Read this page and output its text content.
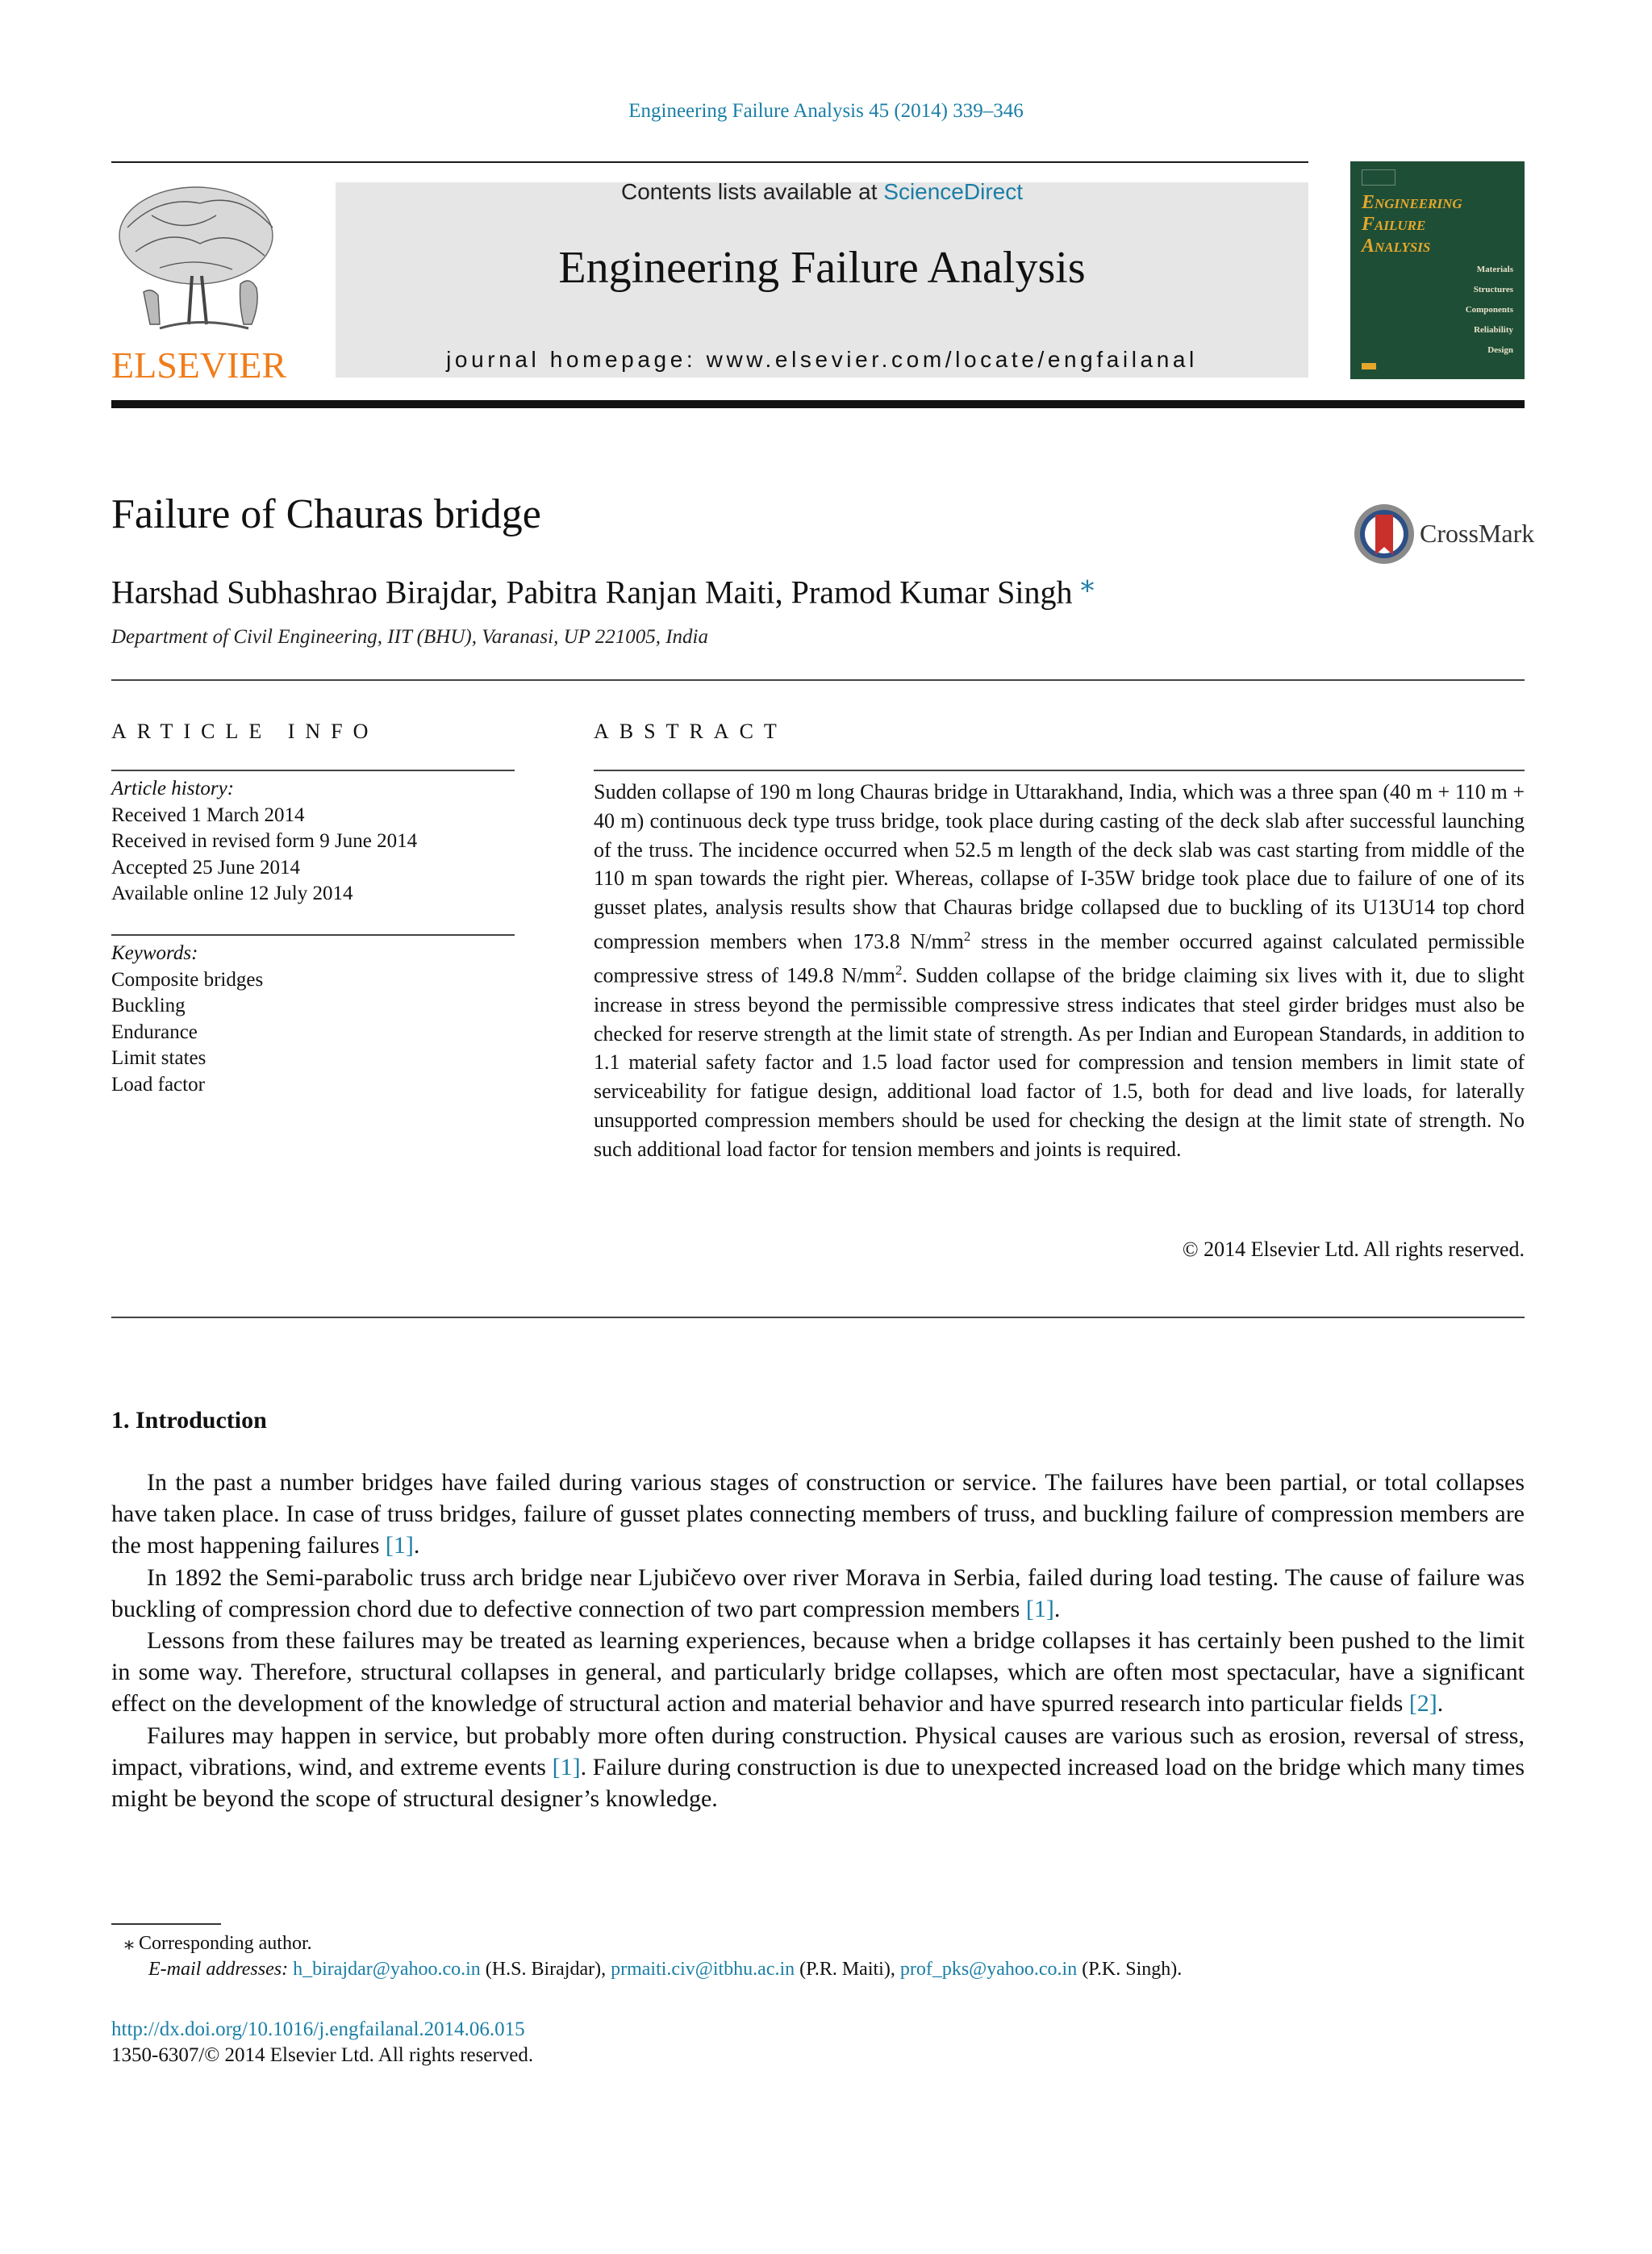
Engineering Failure Analysis 45 (2014) 339–346
ELSEVIER
Contents lists available at ScienceDirect
Engineering Failure Analysis
journal homepage: www.elsevier.com/locate/engfailanal
Engineering
Failure
Analysis
Materials
Structures
Components
Reliability
Design
Failure of Chauras bridge	CrossMark
Harshad Subhashrao Birajdar, Pabitra Ranjan Maiti, Pramod Kumar Singh ⁎
Department of Civil Engineering, IIT (BHU), Varanasi, UP 221005, India
ARTICLE INFO
Article history:
Received 1 March 2014
Received in revised form 9 June 2014
Accepted 25 June 2014
Available online 12 July 2014
Keywords:
Composite bridges
Buckling
Endurance
Limit states
Load factor
ABSTRACT
Sudden collapse of 190 m long Chauras bridge in Uttarakhand, India, which was a three span (40 m + 110 m + 40 m) continuous deck type truss bridge, took place during casting of the deck slab after successful launching of the truss. The incidence occurred when 52.5 m length of the deck slab was cast starting from middle of the 110 m span towards the right pier. Whereas, collapse of I-35W bridge took place due to failure of one of its gusset plates, analysis results show that Chauras bridge collapsed due to buckling of its U13U14 top chord compression members when 173.8 $N/mm^2$ stress in the member occurred against calculated permissible compressive stress of 149.8 $N/mm^2$. Sudden collapse of the bridge claiming six lives with it, due to slight increase in stress beyond the permissible compressive stress indicates that steel girder bridges must also be checked for reserve strength at the limit state of strength. As per Indian and European Standards, in addition to 1.1 material safety factor and 1.5 load factor used for compression and tension members in limit state of serviceability for fatigue design, additional load factor of 1.5, both for dead and live loads, for laterally unsupported compression members should be used for checking the design at the limit state of strength. No such additional load factor for tension members and joints is required.
© 2014 Elsevier Ltd. All rights reserved.
1. Introduction

In the past a number bridges have failed during various stages of construction or service. The failures have been partial, or total collapses have taken place. In case of truss bridges, failure of gusset plates connecting members of truss, and buckling failure of compression members are the most happening failures [1].

In 1892 the Semi-parabolic truss arch bridge near Ljubičevo over river Morava in Serbia, failed during load testing. The cause of failure was buckling of compression chord due to defective connection of two part compression members [1].

Lessons from these failures may be treated as learning experiences, because when a bridge collapses it has certainly been pushed to the limit in some way. Therefore, structural collapses in general, and particularly bridge collapses, which are often most spectacular, have a significant effect on the development of the knowledge of structural action and material behavior and have spurred research into particular fields [2].

Failures may happen in service, but probably more often during construction. Physical causes are various such as erosion, reversal of stress, impact, vibrations, wind, and extreme events [1]. Failure during construction is due to unexpected increased load on the bridge which many times might be beyond the scope of structural designer’s knowledge.

⁎ Corresponding author.
E-mail addresses: h_birajdar@yahoo.co.in (H.S. Birajdar), prmaiti.civ@itbhu.ac.in (P.R. Maiti), prof_pks@yahoo.co.in (P.K. Singh).
http://dx.doi.org/10.1016/j.engfailanal.2014.06.015
1350-6307/© 2014 Elsevier Ltd. All rights reserved.
